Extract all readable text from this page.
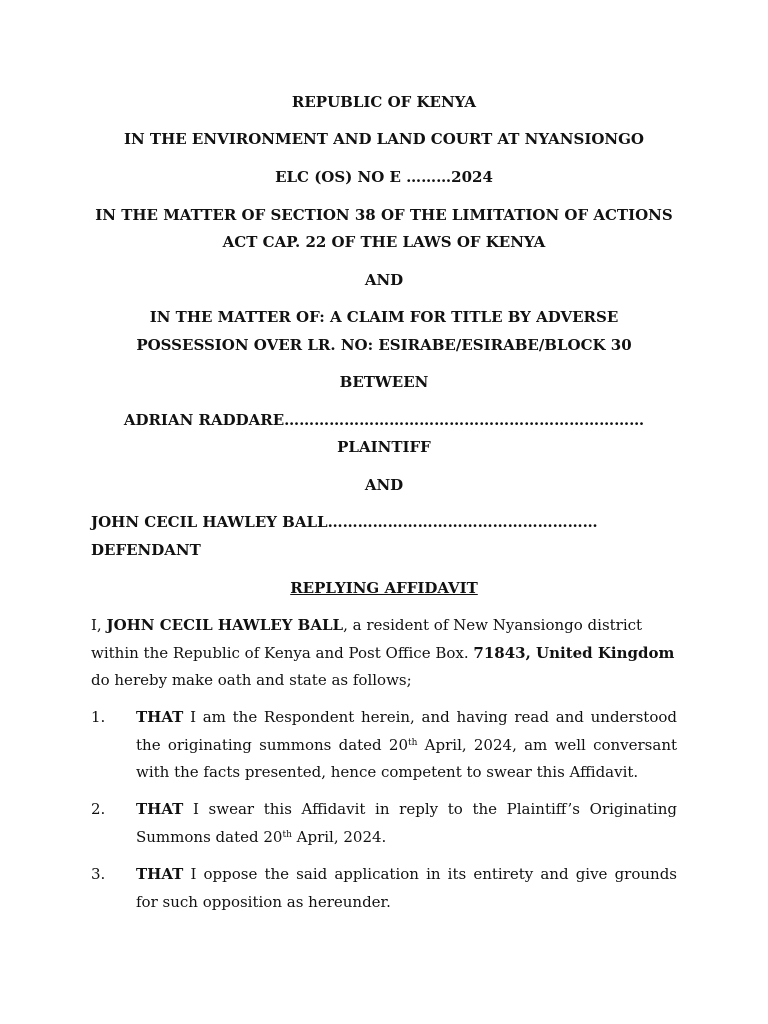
REPUBLIC OF KENYA
IN THE ENVIRONMENT AND LAND COURT AT NYANSIONGO
ELC (OS) NO E ………2024
IN THE MATTER OF SECTION 38 OF THE LIMITATION OF ACTIONS
ACT CAP. 22 OF THE LAWS OF KENYA
AND
IN THE MATTER OF: A CLAIM FOR TITLE BY ADVERSE
POSSESSION OVER LR. NO: ESIRABE/ESIRABE/BLOCK 30
BETWEEN
ADRIAN RADDARE………………………………………………………………
PLAINTIFF
AND
JOHN CECIL HAWLEY BALL………………………………………………
DEFENDANT
REPLYING AFFIDAVIT
I, JOHN CECIL HAWLEY BALL, a resident of New Nyansiongo district within the Republic of Kenya and Post Office Box. 71843, United Kingdom do hereby make oath and state as follows;
1. THAT I am the Respondent herein, and having read and understood the originating summons dated 20th April, 2024, am well conversant with the facts presented, hence competent to swear this Affidavit.
2. THAT I swear this Affidavit in reply to the Plaintiff’s Originating Summons dated 20th April, 2024.
3. THAT I oppose the said application in its entirety and give grounds for such opposition as hereunder.
